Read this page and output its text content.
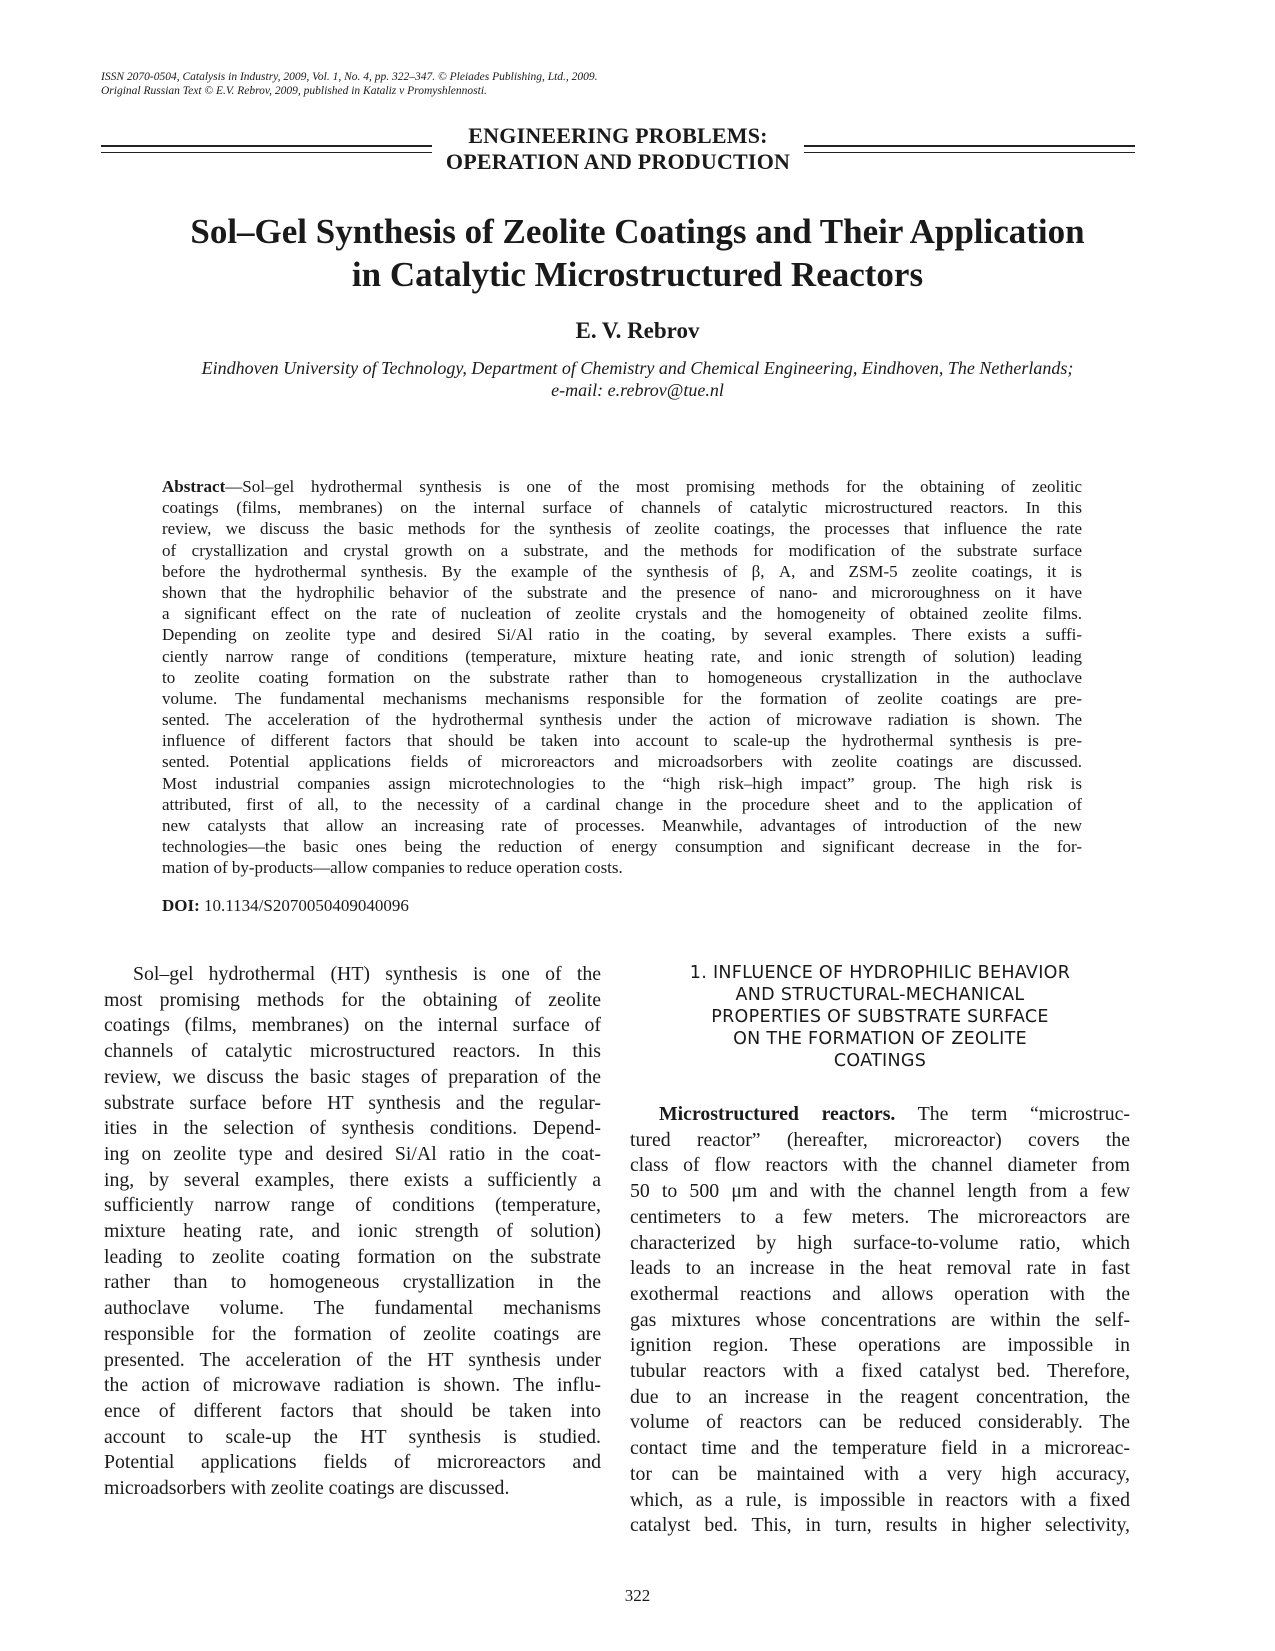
ISSN 2070-0504, Catalysis in Industry, 2009, Vol. 1, No. 4, pp. 322–347. © Pleiades Publishing, Ltd., 2009.
Original Russian Text © E.V. Rebrov, 2009, published in Kataliz v Promyshlennosti.
ENGINEERING PROBLEMS:
OPERATION AND PRODUCTION
Sol–Gel Synthesis of Zeolite Coatings and Their Application
in Catalytic Microstructured Reactors
E. V. Rebrov
Eindhoven University of Technology, Department of Chemistry and Chemical Engineering, Eindhoven, The Netherlands;
e-mail: e.rebrov@tue.nl
Abstract—Sol–gel hydrothermal synthesis is one of the most promising methods for the obtaining of zeolitic
coatings (films, membranes) on the internal surface of channels of catalytic microstructured reactors. In this
review, we discuss the basic methods for the synthesis of zeolite coatings, the processes that influence the rate
of crystallization and crystal growth on a substrate, and the methods for modification of the substrate surface
before the hydrothermal synthesis. By the example of the synthesis of β, A, and ZSM-5 zeolite coatings, it is
shown that the hydrophilic behavior of the substrate and the presence of nano- and microroughness on it have
a significant effect on the rate of nucleation of zeolite crystals and the homogeneity of obtained zeolite films.
Depending on zeolite type and desired Si/Al ratio in the coating, by several examples. There exists a suffi-
ciently narrow range of conditions (temperature, mixture heating rate, and ionic strength of solution) leading
to zeolite coating formation on the substrate rather than to homogeneous crystallization in the authoclave
volume. The fundamental mechanisms mechanisms responsible for the formation of zeolite coatings are pre-
sented. The acceleration of the hydrothermal synthesis under the action of microwave radiation is shown. The
influence of different factors that should be taken into account to scale-up the hydrothermal synthesis is pre-
sented. Potential applications fields of microreactors and microadsorbers with zeolite coatings are discussed.
Most industrial companies assign microtechnologies to the “high risk–high impact” group. The high risk is
attributed, first of all, to the necessity of a cardinal change in the procedure sheet and to the application of
new catalysts that allow an increasing rate of processes. Meanwhile, advantages of introduction of the new
technologies—the basic ones being the reduction of energy consumption and significant decrease in the for-
mation of by-products—allow companies to reduce operation costs.
DOI: 10.1134/S2070050409040096
Sol–gel hydrothermal (HT) synthesis is one of the
most promising methods for the obtaining of zeolite
coatings (films, membranes) on the internal surface of
channels of catalytic microstructured reactors. In this
review, we discuss the basic stages of preparation of the
substrate surface before HT synthesis and the regular-
ities in the selection of synthesis conditions. Depend-
ing on zeolite type and desired Si/Al ratio in the coat-
ing, by several examples, there exists a sufficiently a
sufficiently narrow range of conditions (temperature,
mixture heating rate, and ionic strength of solution)
leading to zeolite coating formation on the substrate
rather than to homogeneous crystallization in the
authoclave volume. The fundamental mechanisms
responsible for the formation of zeolite coatings are
presented. The acceleration of the HT synthesis under
the action of microwave radiation is shown. The influ-
ence of different factors that should be taken into
account to scale-up the HT synthesis is studied.
Potential applications fields of microreactors and
microadsorbers with zeolite coatings are discussed.
1. INFLUENCE OF HYDROPHILIC BEHAVIOR
AND STRUCTURAL-MECHANICAL
PROPERTIES OF SUBSTRATE SURFACE
ON THE FORMATION OF ZEOLITE
COATINGS
Microstructured reactors. The term “microstruc-
tured reactor” (hereafter, microreactor) covers the
class of flow reactors with the channel diameter from
50 to 500 μm and with the channel length from a few
centimeters to a few meters. The microreactors are
characterized by high surface-to-volume ratio, which
leads to an increase in the heat removal rate in fast
exothermal reactions and allows operation with the
gas mixtures whose concentrations are within the self-
ignition region. These operations are impossible in
tubular reactors with a fixed catalyst bed. Therefore,
due to an increase in the reagent concentration, the
volume of reactors can be reduced considerably. The
contact time and the temperature field in a microreac-
tor can be maintained with a very high accuracy,
which, as a rule, is impossible in reactors with a fixed
catalyst bed. This, in turn, results in higher selectivity,
322
